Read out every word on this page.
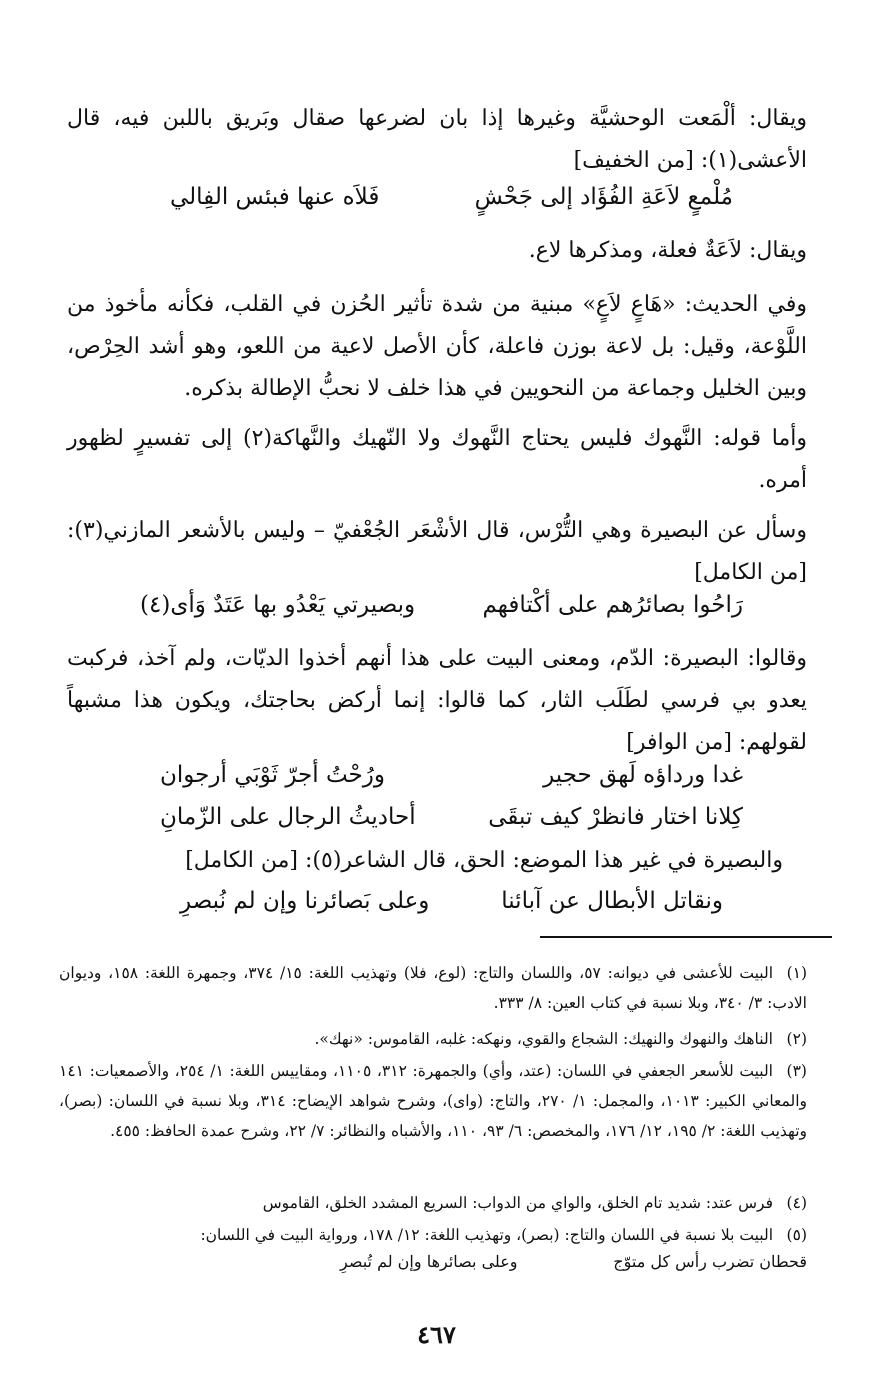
ويقال: ألْمَعت الوحشيَّة وغيرها إذا بان لضرعها صقال وبَريق باللبن فيه، قال الأعشى(١): [من الخفيف]
مُلْمعٍ لاَعَةِ الفُؤَاد إلى جَحْشٍ
فَلاَه عنها فبئس الفِالي
ويقال: لاَعَةٌ فعلة، ومذكرها لاع.
وفي الحديث: «هَاعٍ لاَعٍ» مبنية من شدة تأثير الحُزن في القلب، فكأنه مأخوذ من اللَّوْعة، وقيل: بل لاعة بوزن فاعلة، كأن الأصل لاعية من اللعو، وهو أشد الحِرْص، وبين الخليل وجماعة من النحويين في هذا خلف لا نحبُّ الإطالة بذكره.
وأما قوله: النَّهوك فليس يحتاج النَّهوك ولا النّهيك والنَّهاكة(٢) إلى تفسيرٍ لظهور أمره.
وسأل عن البصيرة وهي التُّرْس، قال الأشْعَر الجُعْفيّ – وليس بالأشعر المازني(٣): [من الكامل]
رَاحُوا بصائرُهم على أكْتافهم
وبصيرتي يَعْدُو بها عَتَدٌ وَأى(٤)
وقالوا: البصيرة: الدّم، ومعنى البيت على هذا أنهم أخذوا الديّات، ولم آخذ، فركبت يعدو بي فرسي لطَلَب الثار، كما قالوا: إنما أركض بحاجتك، ويكون هذا مشبهاً لقولهم: [من الوافر]
غدا ورداؤه لَهق حجير
ورُحْتُ أجرّ ثَوْبَي أرجوان
كِلانا اختار فانظرْ كيف تبقَى
أحاديثُ الرجال على الزّمانِ
والبصيرة في غير هذا الموضع: الحق، قال الشاعر(٥): [من الكامل]
ونقاتل الأبطال عن آبائنا
وعلى بَصائرنا وإن لم نُبصرِ
(١)البيت للأعشى في ديوانه: ٥٧، واللسان والتاج: (لوع، فلا) وتهذيب اللغة: ١٥/ ٣٧٤، وجمهرة اللغة: ١٥٨، وديوان الادب: ٣/ ٣٤٠، وبلا نسبة في كتاب العين: ٨/ ٣٣٣.
(٢)الناهك والنهوك والنهيك: الشجاع والقوي، ونهكه: غلبه، القاموس: «نهك».
(٣)البيت للأسعر الجعفي في اللسان: (عتد، وأي) والجمهرة: ٣١٢، ١١٠٥، ومقاييس اللغة: ١/ ٢٥٤، والأصمعيات: ١٤١ والمعاني الكبير: ١٠١٣، والمجمل: ١/ ٢٧٠، والتاج: (واى)، وشرح شواهد الإيضاح: ٣١٤، وبلا نسبة في اللسان: (بصر)، وتهذيب اللغة: ٢/ ١٩٥، ١٢/ ١٧٦، والمخصص: ٦/ ٩٣، ١١٠، والأشباه والنظائر: ٧/ ٢٢، وشرح عمدة الحافظ: ٤٥٥.
(٤)فرس عتد: شديد تام الخلق، والواي من الدواب: السريع المشدد الخلق، القاموس
(٥)البيت بلا نسبة في اللسان والتاج: (بصر)، وتهذيب اللغة: ١٢/ ١٧٨، ورواية البيت في اللسان:
قحطان تضرب رأس كل متوّج
وعلى بصائرها وإن لم تُبصرِ
٤٦٧
